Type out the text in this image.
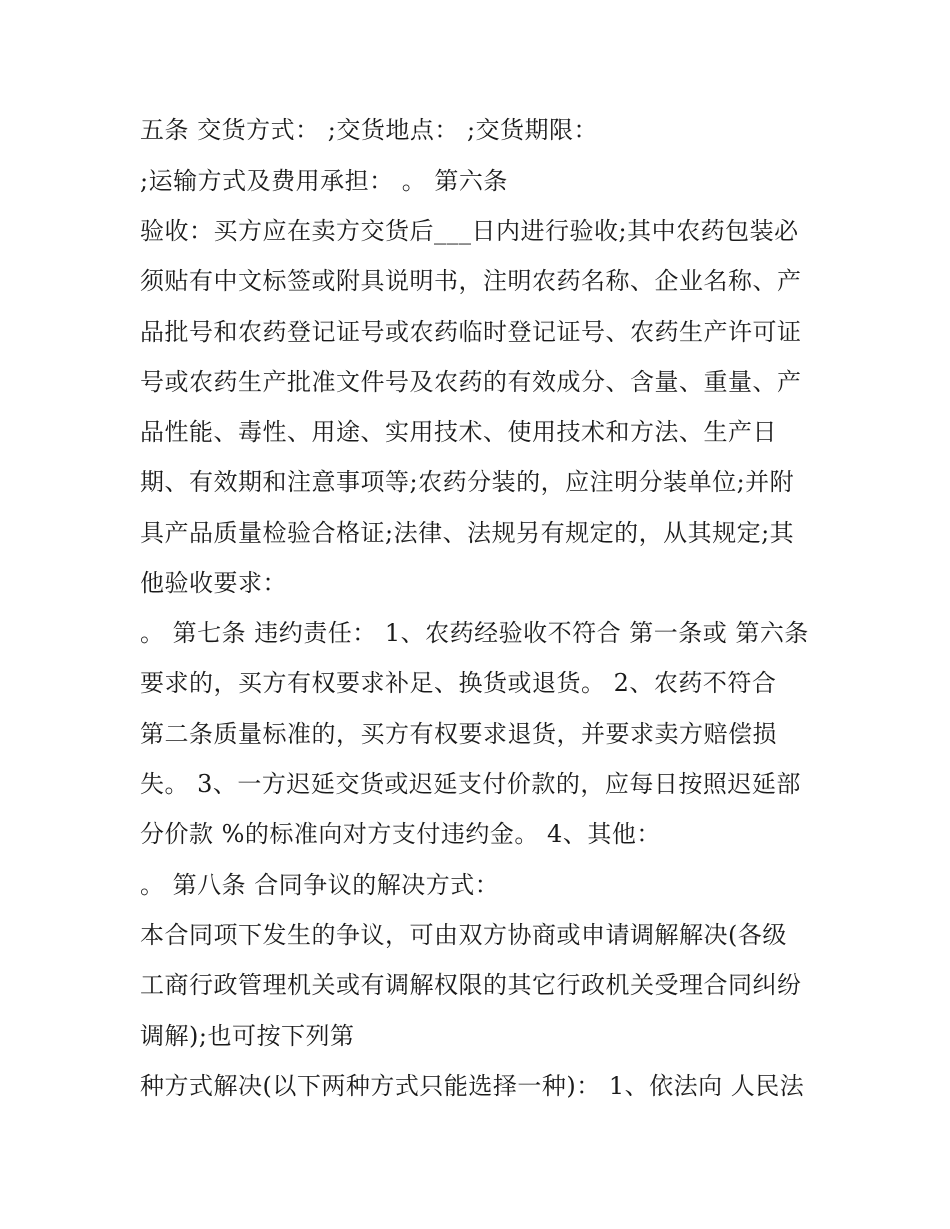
五条 交货方式： ;交货地点： ;交货期限：
;运输方式及费用承担： 。 第六条
验收：买方应在卖方交货后___日内进行验收;其中农药包装必
须贴有中文标签或附具说明书，注明农药名称、企业名称、产
品批号和农药登记证号或农药临时登记证号、农药生产许可证
号或农药生产批准文件号及农药的有效成分、含量、重量、产
品性能、毒性、用途、实用技术、使用技术和方法、生产日
期、有效期和注意事项等;农药分装的，应注明分装单位;并附
具产品质量检验合格证;法律、法规另有规定的，从其规定;其
他验收要求：
。 第七条 违约责任： 1、农药经验收不符合 第一条或 第六条
要求的，买方有权要求补足、换货或退货。 2、农药不符合
第二条质量标准的，买方有权要求退货，并要求卖方赔偿损
失。 3、一方迟延交货或迟延支付价款的，应每日按照迟延部
分价款 %的标准向对方支付违约金。 4、其他：
。 第八条 合同争议的解决方式：
本合同项下发生的争议，可由双方协商或申请调解解决(各级
工商行政管理机关或有调解权限的其它行政机关受理合同纠纷
调解);也可按下列第
种方式解决(以下两种方式只能选择一种)： 1、依法向 人民法
